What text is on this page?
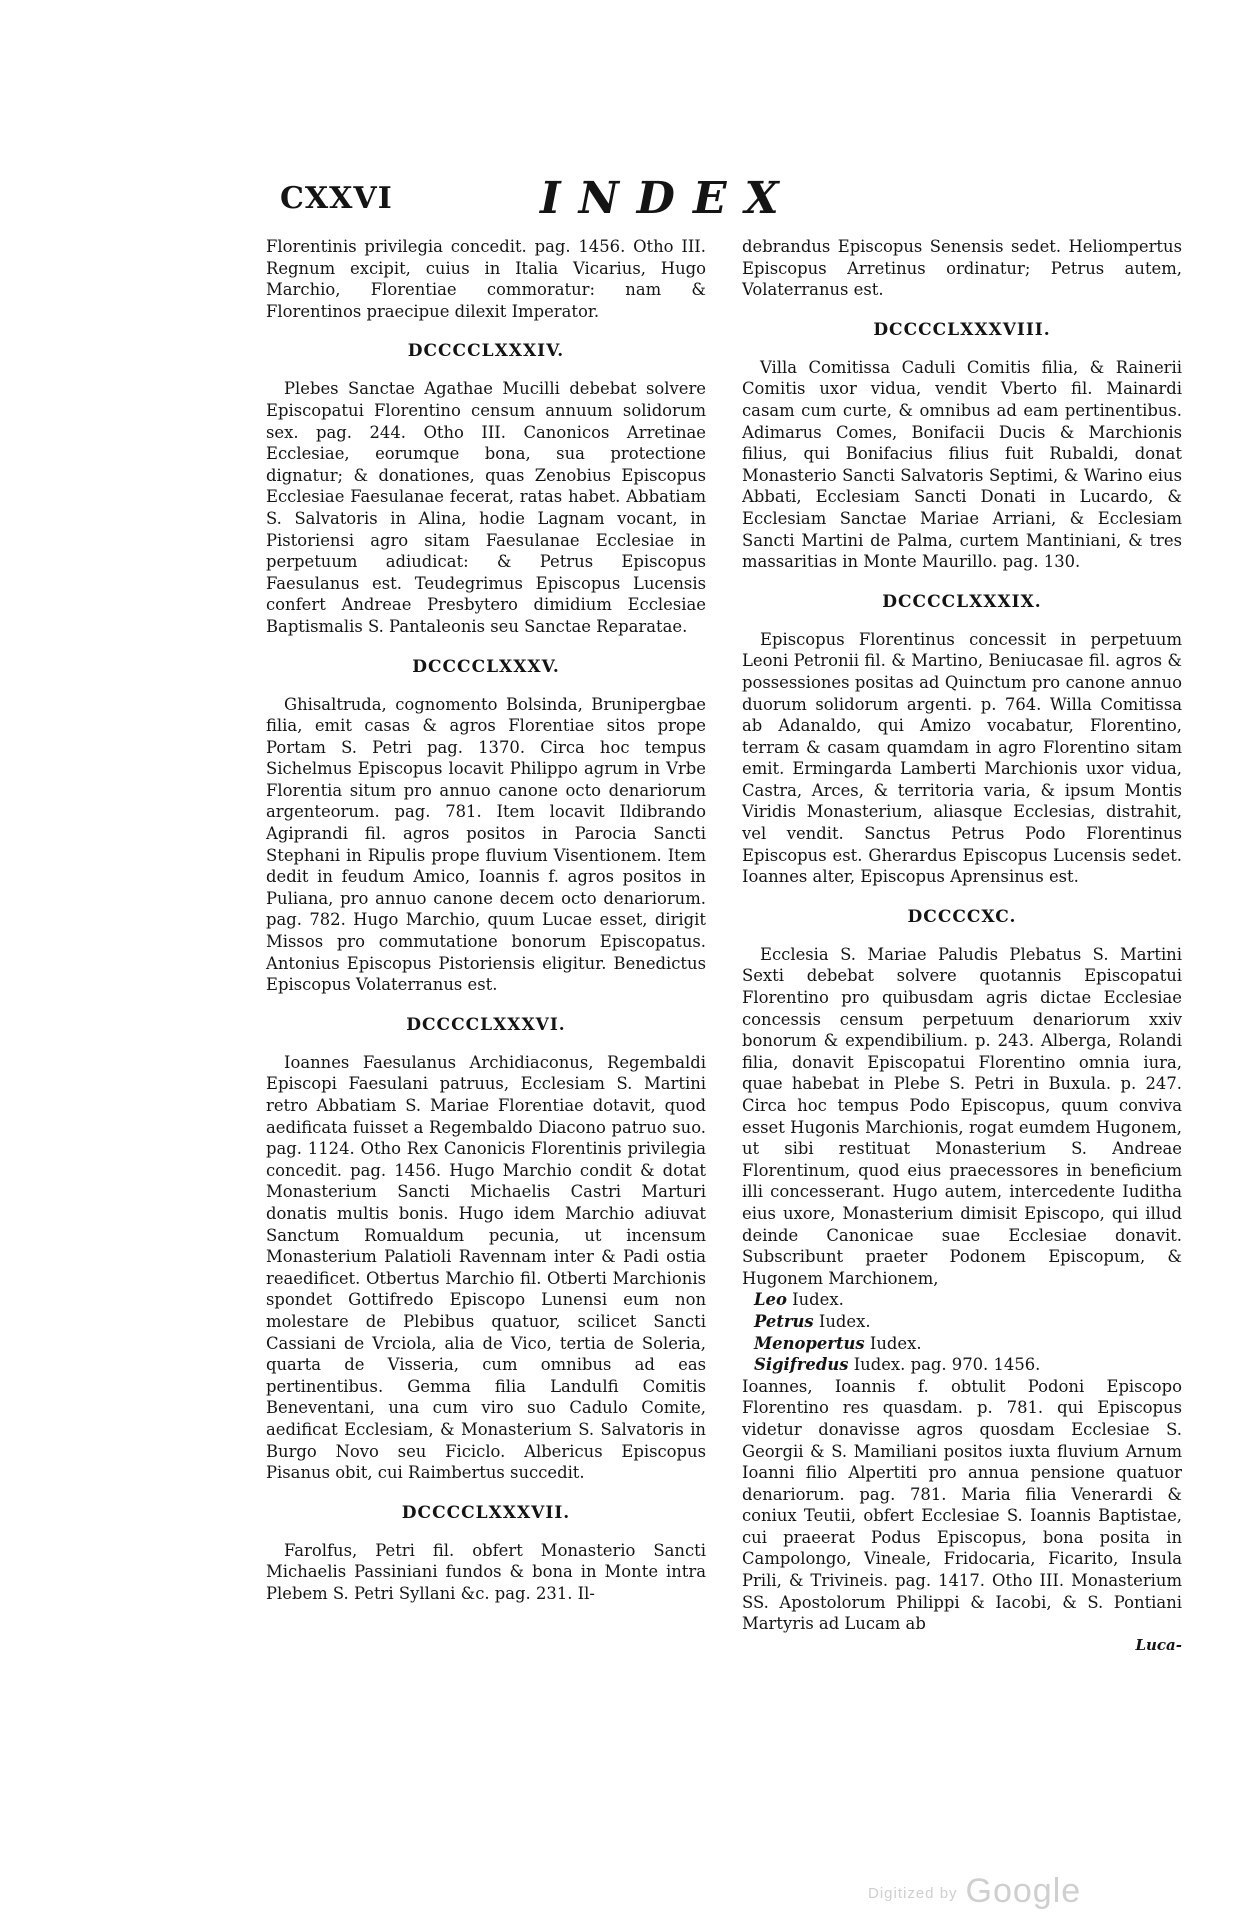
CXXVI	INDEX

Florentinis privilegia concedit. pag. 1456. Otho III. Regnum excipit, cuius in Italia Vicarius, Hugo Marchio, Florentiae commoratur: nam & Florentinos praecipue dilexit Imperator.

DCCCCLXXXIV.

Plebes Sanctae Agathae Mucilli debebat solvere Episcopatui Florentino censum annuum solidorum sex. pag. 244. Otho III. Canonicos Arretinae Ecclesiae, eorumque bona, sua protectione dignatur; & donationes, quas Zenobius Episcopus Ecclesiae Faesulanae fecerat, ratas habet. Abbatiam S. Salvatoris in Alina, hodie Lagnam vocant, in Pistoriensi agro sitam Faesulanae Ecclesiae in perpetuum adiudicat: & Petrus Episcopus Faesulanus est. Teudegrimus Episcopus Lucensis confert Andreae Presbytero dimidium Ecclesiae Baptismalis S. Pantaleonis seu Sanctae Reparatae.

DCCCCLXXXV.

Ghisaltruda, cognomento Bolsinda, Brunipergbae filia, emit casas & agros Florentiae sitos prope Portam S. Petri pag. 1370. Circa hoc tempus Sichelmus Episcopus locavit Philippo agrum in Vrbe Florentia situm pro annuo canone octo denariorum argenteorum. pag. 781. Item locavit Ildibrando Agiprandi fil. agros positos in Parocia Sancti Stephani in Ripulis prope fluvium Visentionem. Item dedit in feudum Amico, Ioannis f. agros positos in Puliana, pro annuo canone decem octo denariorum. pag. 782. Hugo Marchio, quum Lucae esset, dirigit Missos pro commutatione bonorum Episcopatus. Antonius Episcopus Pistoriensis eligitur. Benedictus Episcopus Volaterranus est.

DCCCCLXXXVI.

Ioannes Faesulanus Archidiaconus, Regembaldi Episcopi Faesulani patruus, Ecclesiam S. Martini retro Abbatiam S. Mariae Florentiae dotavit, quod aedificata fuisset a Regembaldo Diacono patruo suo. pag. 1124. Otho Rex Canonicis Florentinis privilegia concedit. pag. 1456. Hugo Marchio condit & dotat Monasterium Sancti Michaelis Castri Marturi donatis multis bonis. Hugo idem Marchio adiuvat Sanctum Romualdum pecunia, ut incensum Monasterium Palatioli Ravennam inter & Padi ostia reaedificet. Otbertus Marchio fil. Otberti Marchionis spondet Gottifredo Episcopo Lunensi eum non molestare de Plebibus quatuor, scilicet Sancti Cassiani de Vrciola, alia de Vico, tertia de Soleria, quarta de Visseria, cum omnibus ad eas pertinentibus. Gemma filia Landulfi Comitis Beneventani, una cum viro suo Cadulo Comite, aedificat Ecclesiam, & Monasterium S. Salvatoris in Burgo Novo seu Ficiclo. Albericus Episcopus Pisanus obit, cui Raimbertus succedit.

DCCCCLXXXVII.

Farolfus, Petri fil. obfert Monasterio Sancti Michaelis Passiniani fundos & bona in Monte intra Plebem S. Petri Syllani &c. pag. 231. Il-

debrandus Episcopus Senensis sedet. Heliompertus Episcopus Arretinus ordinatur; Petrus autem, Volaterranus est.

DCCCCLXXXVIII.

Villa Comitissa Caduli Comitis filia, & Rainerii Comitis uxor vidua, vendit Vberto fil. Mainardi casam cum curte, & omnibus ad eam pertinentibus. Adimarus Comes, Bonifacii Ducis & Marchionis filius, qui Bonifacius filius fuit Rubaldi, donat Monasterio Sancti Salvatoris Septimi, & Warino eius Abbati, Ecclesiam Sancti Donati in Lucardo, & Ecclesiam Sanctae Mariae Arriani, & Ecclesiam Sancti Martini de Palma, curtem Mantiniani, & tres massaritias in Monte Maurillo. pag. 130.

DCCCCLXXXIX.

Episcopus Florentinus concessit in perpetuum Leoni Petronii fil. & Martino, Beniucasae fil. agros & possessiones positas ad Quinctum pro canone annuo duorum solidorum argenti. p. 764. Willa Comitissa ab Adanaldo, qui Amizo vocabatur, Florentino, terram & casam quamdam in agro Florentino sitam emit. Ermingarda Lamberti Marchionis uxor vidua, Castra, Arces, & territoria varia, & ipsum Montis Viridis Monasterium, aliasque Ecclesias, distrahit, vel vendit. Sanctus Petrus Podo Florentinus Episcopus est. Gherardus Episcopus Lucensis sedet. Ioannes alter, Episcopus Aprensinus est.

DCCCCXC.

Ecclesia S. Mariae Paludis Plebatus S. Martini Sexti debebat solvere quotannis Episcopatui Florentino pro quibusdam agris dictae Ecclesiae concessis censum perpetuum denariorum xxiv bonorum & expendibilium. p. 243. Alberga, Rolandi filia, donavit Episcopatui Florentino omnia iura, quae habebat in Plebe S. Petri in Buxula. p. 247. Circa hoc tempus Podo Episcopus, quum conviva esset Hugonis Marchionis, rogat eumdem Hugonem, ut sibi restituat Monasterium S. Andreae Florentinum, quod eius praecessores in beneficium illi concesserant. Hugo autem, intercedente Iuditha eius uxore, Monasterium dimisit Episcopo, qui illud deinde Canonicae suae Ecclesiae donavit. Subscribunt praeter Podonem Episcopum, & Hugonem Marchionem,

Leo Iudex.
Petrus Iudex.
Menopertus Iudex.
Sigifredus Iudex. pag. 970. 1456.

Ioannes, Ioannis f. obtulit Podoni Episcopo Florentino res quasdam. p. 781. qui Episcopus videtur donavisse agros quosdam Ecclesiae S. Georgii & S. Mamiliani positos iuxta fluvium Arnum Ioanni filio Alpertiti pro annua pensione quatuor denariorum. pag. 781. Maria filia Venerardi & coniux Teutii, obfert Ecclesiae S. Ioannis Baptistae, cui praeerat Podus Episcopus, bona posita in Campolongo, Vineale, Fridocaria, Ficarito, Insula Prili, & Trivineis. pag. 1417. Otho III. Monasterium SS. Apostolorum Philippi & Iacobi, & S. Pontiani Martyris ad Lucam ab

Luca-
Digitized by Google
